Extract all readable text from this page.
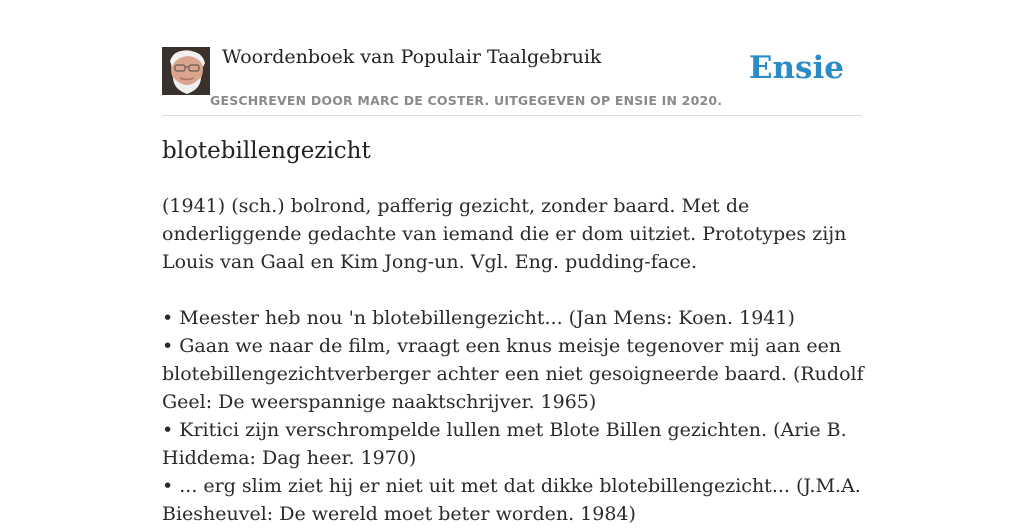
Woordenboek van Populair Taalgebruik
GESCHREVEN DOOR MARC DE COSTER. UITGEGEVEN OP ENSIE IN 2020.
Ensie
blotebillengezicht

(1941) (sch.) bolrond, pafferig gezicht, zonder baard. Met de onderliggende gedachte van iemand die er dom uitziet. Prototypes zijn Louis van Gaal en Kim Jong-un. Vgl. Eng. pudding-face.

• Meester heb nou 'n blotebillengezicht... (Jan Mens: Koen. 1941)

• Gaan we naar de film, vraagt een knus meisje tegenover mij aan een blotebillengezichtverberger achter een niet gesoigneerde baard. (Rudolf Geel: De weerspannige naaktschrijver. 1965)

• Kritici zijn verschrompelde lullen met Blote Billen gezichten. (Arie B. Hiddema: Dag heer. 1970)

• ... erg slim ziet hij er niet uit met dat dikke blotebillengezicht... (J.M.A. Biesheuvel: De wereld moet beter worden. 1984)
